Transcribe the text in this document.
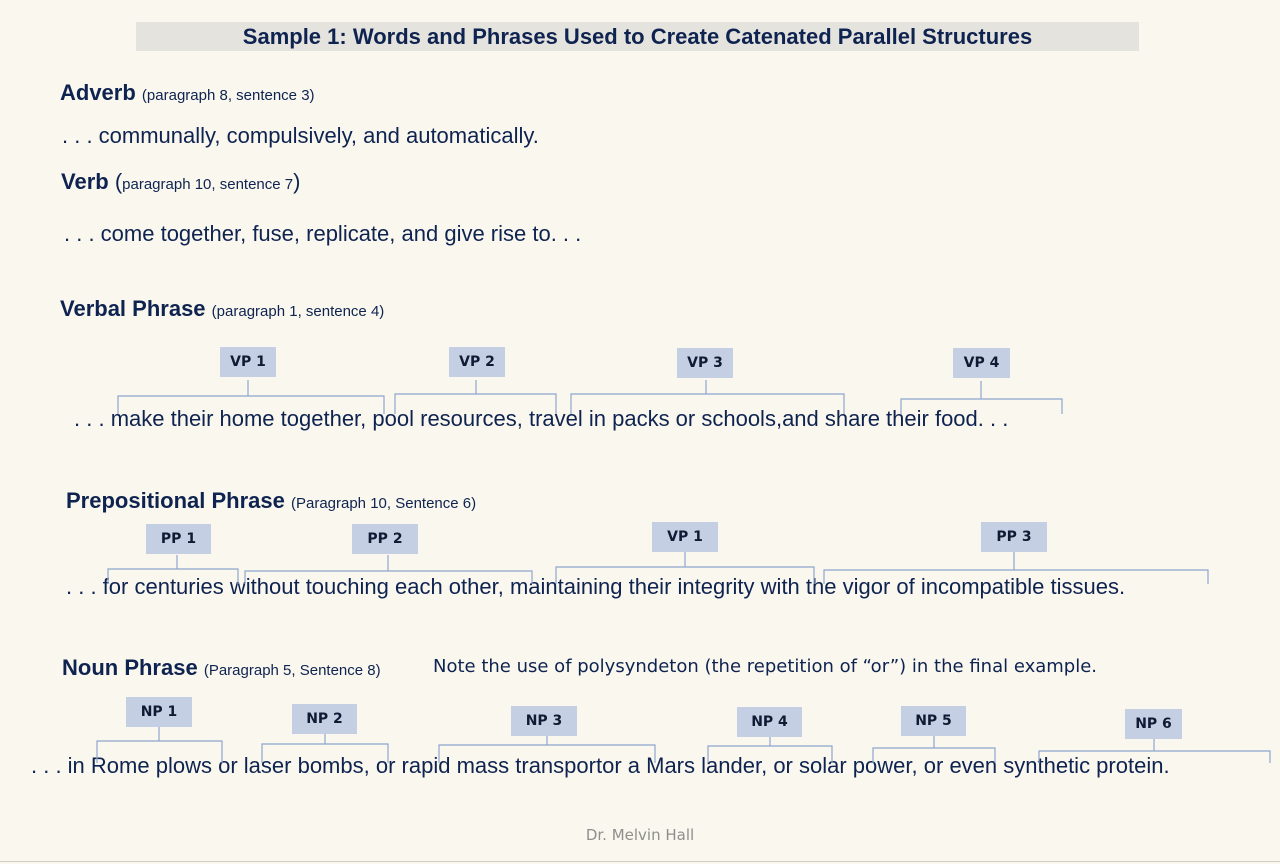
Sample 1: Words and Phrases Used to Create Catenated Parallel Structures
Adverb (paragraph 8, sentence 3)
. . . communally, compulsively, and automatically.
Verb (paragraph 10, sentence 7)
. . . come together, fuse, replicate, and give rise to. . .
Verbal Phrase (paragraph 1, sentence 4)
VP 1	VP 2	VP 3	VP 4
. . . make their home together, pool resources, travel in packs or schools,and share their food. . .
Prepositional Phrase (Paragraph 10, Sentence 6)
PP 1	PP 2	VP 1	PP 3
. . . for centuries without touching each other, maintaining their integrity with the vigor of incompatible tissues.
Noun Phrase (Paragraph 5, Sentence 8)	Note the use of polysyndeton (the repetition of “or”) in the final example.
NP 1	NP 2	NP 3	NP 4	NP 5	NP 6
. . . in Rome plows or laser bombs, or rapid mass transportor a Mars lander, or solar power, or even synthetic protein.
Dr. Melvin Hall
